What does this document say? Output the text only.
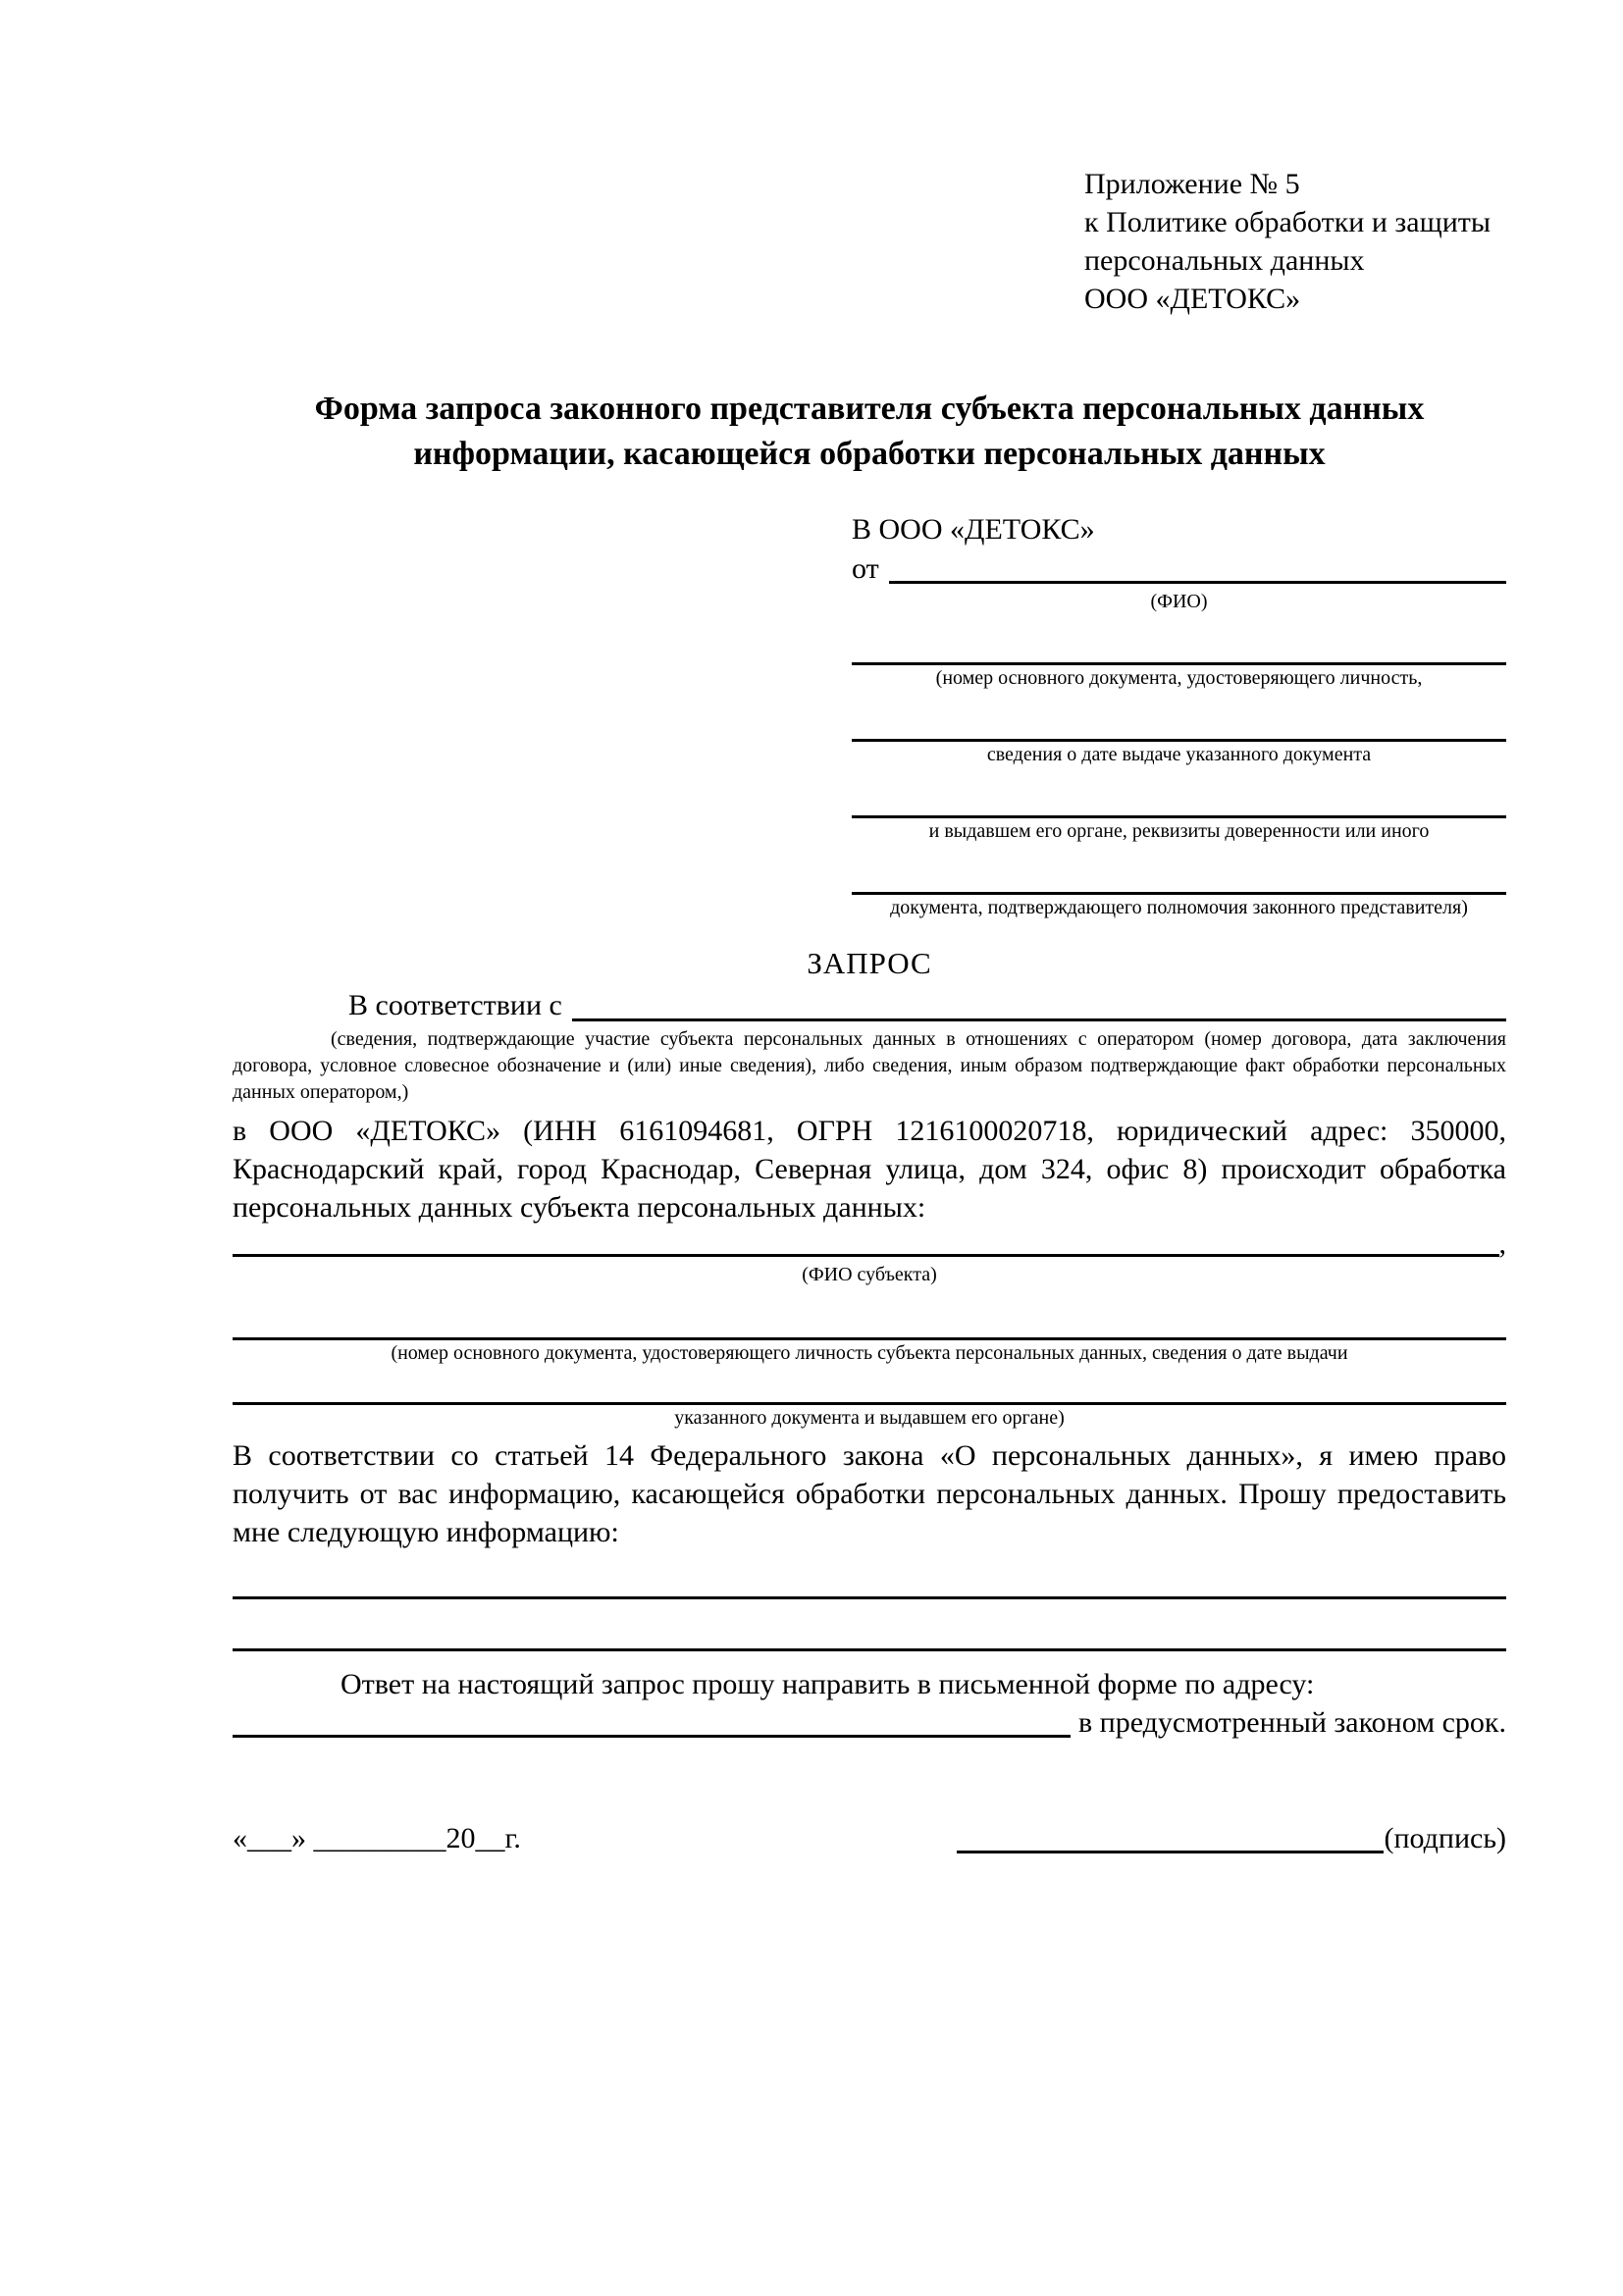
Приложение № 5
к Политике обработки и защиты
персональных данных
ООО «ДЕТОКС»
Форма запроса законного представителя субъекта персональных данных
информации, касающейся обработки персональных данных
В ООО «ДЕТОКС»
от
(ФИО)
(номер основного документа, удостоверяющего личность,
сведения о дате выдаче указанного документа
и выдавшем его органе, реквизиты доверенности или иного
документа, подтверждающего полномочия законного представителя)
ЗАПРОС
В соответствии с

(сведения, подтверждающие участие субъекта персональных данных в отношениях с оператором (номер договора, дата заключения договора, условное словесное обозначение и (или) иные сведения), либо сведения, иным образом подтверждающие факт обработки персональных данных оператором,)

в ООО «ДЕТОКС» (ИНН 6161094681, ОГРН 1216100020718, юридический адрес: 350000, Краснодарский край, город Краснодар, Северная улица, дом 324, офис 8) происходит обработка персональных данных субъекта персональных данных:

,
(ФИО субъекта)
(номер основного документа, удостоверяющего личность субъекта персональных данных, сведения о дате выдачи
указанного документа и выдавшем его органе)

В соответствии со статьей 14 Федерального закона «О персональных данных», я имею право получить от вас информацию, касающейся обработки персональных данных. Прошу предоставить мне следующую информацию:

Ответ на настоящий запрос прошу направить в письменной форме по адресу:

в предусмотренный законом срок.
«___» _________20__г.	(подпись)
